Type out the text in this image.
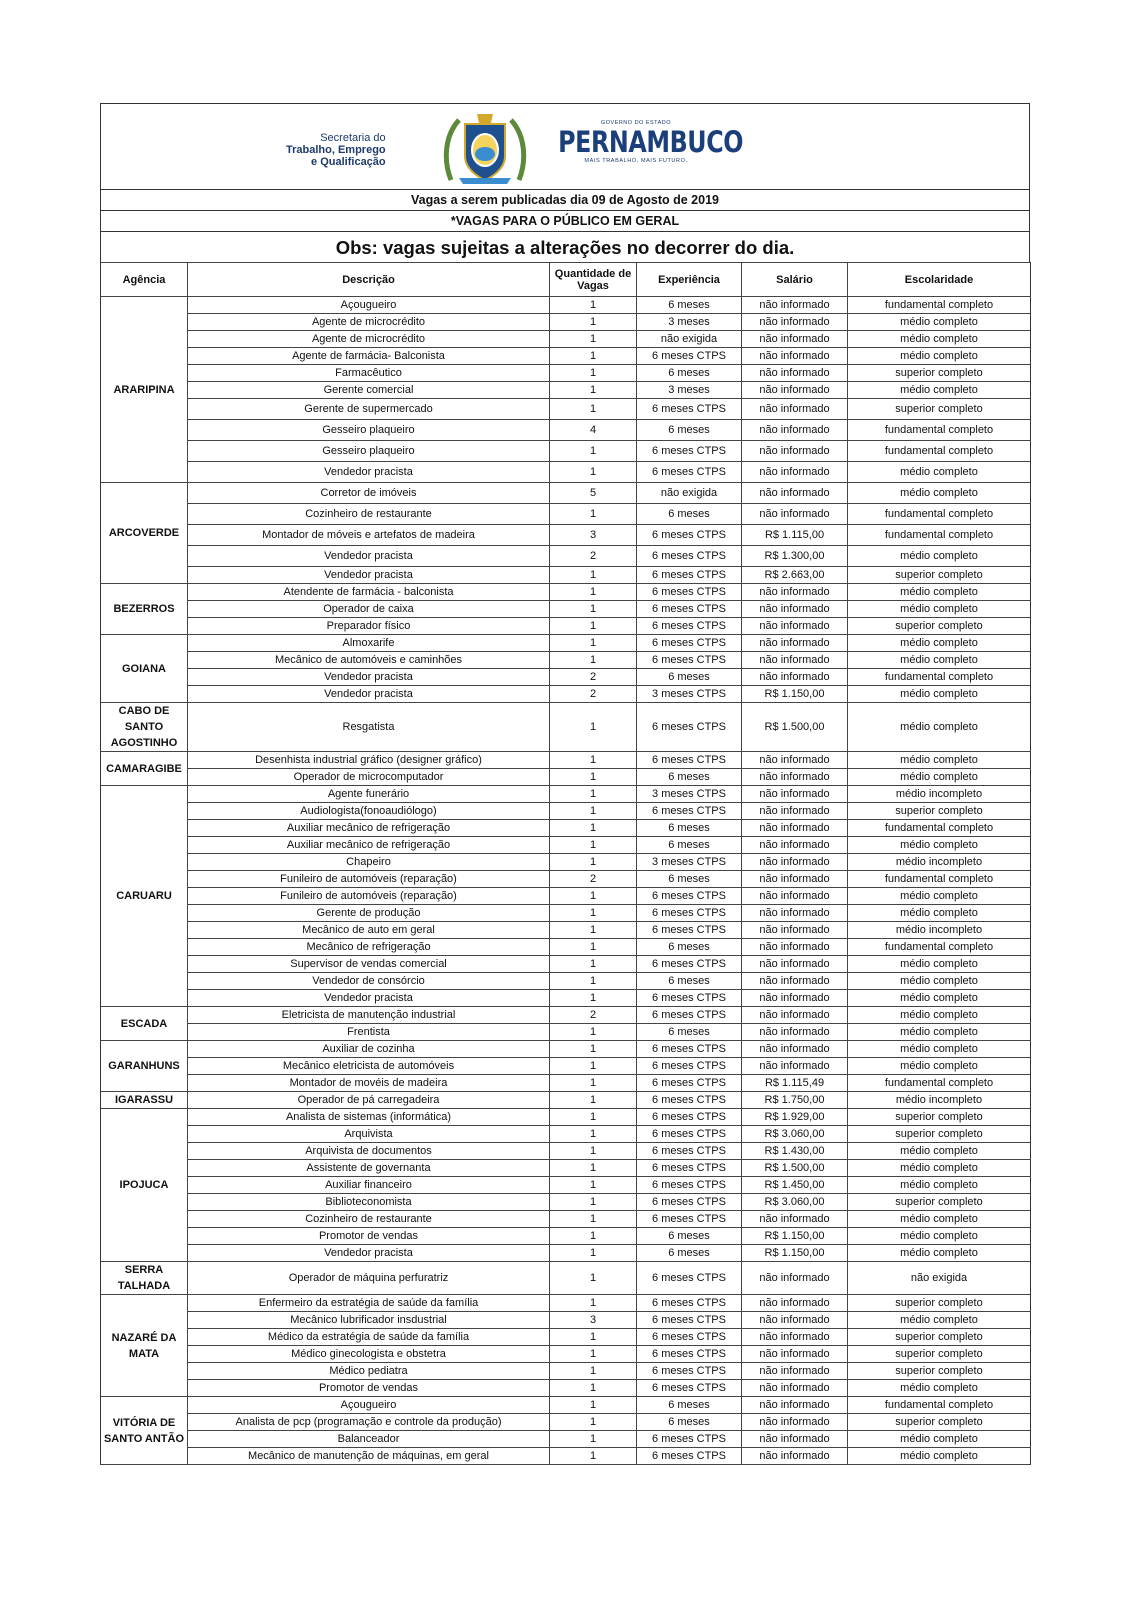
Secretaria do
Trabalho, Emprego
e Qualificação
GOVERNO DO ESTADO
PERNAMBUCO
MAIS TRABALHO, MAIS FUTURO.
Vagas a serem publicadas dia 09 de Agosto de 2019
*VAGAS PARA O PÚBLICO EM GERAL
Obs: vagas sujeitas a alterações no decorrer do dia.
Agência	Descrição	Quantidade de Vagas	Experiência	Salário	Escolaridade
ARARIPINA	Açougueiro	1	6 meses	não informado	fundamental completo
	Agente de microcrédito	1	3 meses	não informado	médio completo
	Agente de microcrédito	1	não exigida	não informado	médio completo
	Agente de farmácia- Balconista	1	6 meses CTPS	não informado	médio completo
	Farmacêutico	1	6 meses	não informado	superior completo
	Gerente comercial	1	3 meses	não informado	médio completo
	Gerente de supermercado	1	6 meses CTPS	não informado	superior completo
	Gesseiro plaqueiro	4	6 meses	não informado	fundamental completo
	Gesseiro plaqueiro	1	6 meses CTPS	não informado	fundamental completo
	Vendedor pracista	1	6 meses CTPS	não informado	médio completo
ARCOVERDE	Corretor de imóveis	5	não exigida	não informado	médio completo
	Cozinheiro de restaurante	1	6 meses	não informado	fundamental completo
	Montador de móveis e artefatos de madeira	3	6 meses CTPS	R$ 1.115,00	fundamental completo
	Vendedor pracista	2	6 meses CTPS	R$ 1.300,00	médio completo
	Vendedor pracista	1	6 meses CTPS	R$ 2.663,00	superior completo
BEZERROS	Atendente de farmácia - balconista	1	6 meses CTPS	não informado	médio completo
	Operador de caixa	1	6 meses CTPS	não informado	médio completo
	Preparador físico	1	6 meses CTPS	não informado	superior completo
GOIANA	Almoxarife	1	6 meses CTPS	não informado	médio completo
	Mecânico de automóveis e caminhões	1	6 meses CTPS	não informado	médio completo
	Vendedor pracista	2	6 meses	não informado	fundamental completo
	Vendedor pracista	2	3 meses CTPS	R$ 1.150,00	médio completo
CABO DE SANTO AGOSTINHO	Resgatista	1	6 meses CTPS	R$ 1.500,00	médio completo
CAMARAGIBE	Desenhista industrial gráfico (designer gráfico)	1	6 meses CTPS	não informado	médio completo
	Operador de microcomputador	1	6 meses	não informado	médio completo
CARUARU	Agente funerário	1	3 meses CTPS	não informado	médio incompleto
	Audiologista(fonoaudiólogo)	1	6 meses CTPS	não informado	superior completo
	Auxiliar mecânico de refrigeração	1	6 meses	não informado	fundamental completo
	Auxiliar mecânico de refrigeração	1	6 meses	não informado	médio completo
	Chapeiro	1	3 meses CTPS	não informado	médio incompleto
	Funileiro de automóveis (reparação)	2	6 meses	não informado	fundamental completo
	Funileiro de automóveis (reparação)	1	6 meses CTPS	não informado	médio completo
	Gerente de produção	1	6 meses CTPS	não informado	médio completo
	Mecânico de auto em geral	1	6 meses CTPS	não informado	médio incompleto
	Mecânico de refrigeração	1	6 meses	não informado	fundamental completo
	Supervisor de vendas comercial	1	6 meses CTPS	não informado	médio completo
	Vendedor de consórcio	1	6 meses	não informado	médio completo
	Vendedor pracista	1	6 meses CTPS	não informado	médio completo
ESCADA	Eletricista de manutenção industrial	2	6 meses CTPS	não informado	médio completo
	Frentista	1	6 meses	não informado	médio completo
GARANHUNS	Auxiliar de cozinha	1	6 meses CTPS	não informado	médio completo
	Mecânico eletricista de automóveis	1	6 meses CTPS	não informado	médio completo
	Montador de movéis de madeira	1	6 meses CTPS	R$ 1.115,49	fundamental completo
IGARASSU	Operador de pá carregadeira	1	6 meses CTPS	R$ 1.750,00	médio incompleto
IPOJUCA	Analista de sistemas (informática)	1	6 meses CTPS	R$ 1.929,00	superior completo
	Arquivista	1	6 meses CTPS	R$ 3.060,00	superior completo
	Arquivista de documentos	1	6 meses CTPS	R$ 1.430,00	médio completo
	Assistente de governanta	1	6 meses CTPS	R$ 1.500,00	médio completo
	Auxiliar financeiro	1	6 meses CTPS	R$ 1.450,00	médio completo
	Biblioteconomista	1	6 meses CTPS	R$ 3.060,00	superior completo
	Cozinheiro de restaurante	1	6 meses CTPS	não informado	médio completo
	Promotor de vendas	1	6 meses	R$ 1.150,00	médio completo
	Vendedor pracista	1	6 meses	R$ 1.150,00	médio completo
SERRA TALHADA	Operador de máquina perfuratriz	1	6 meses CTPS	não informado	não exigida
NAZARÉ DA MATA	Enfermeiro da estratégia de saúde da família	1	6 meses CTPS	não informado	superior completo
	Mecânico lubrificador insdustrial	3	6 meses CTPS	não informado	médio completo
	Médico da estratégia de saúde da família	1	6 meses CTPS	não informado	superior completo
	Médico ginecologista e obstetra	1	6 meses CTPS	não informado	superior completo
	Médico pediatra	1	6 meses CTPS	não informado	superior completo
	Promotor de vendas	1	6 meses CTPS	não informado	médio completo
VITÓRIA DE SANTO ANTÃO	Açougueiro	1	6 meses	não informado	fundamental completo
	Analista de pcp (programação e controle da produção)	1	6 meses	não informado	superior completo
	Balanceador	1	6 meses CTPS	não informado	médio completo
	Mecânico de manutenção de máquinas, em geral	1	6 meses CTPS	não informado	médio completo
